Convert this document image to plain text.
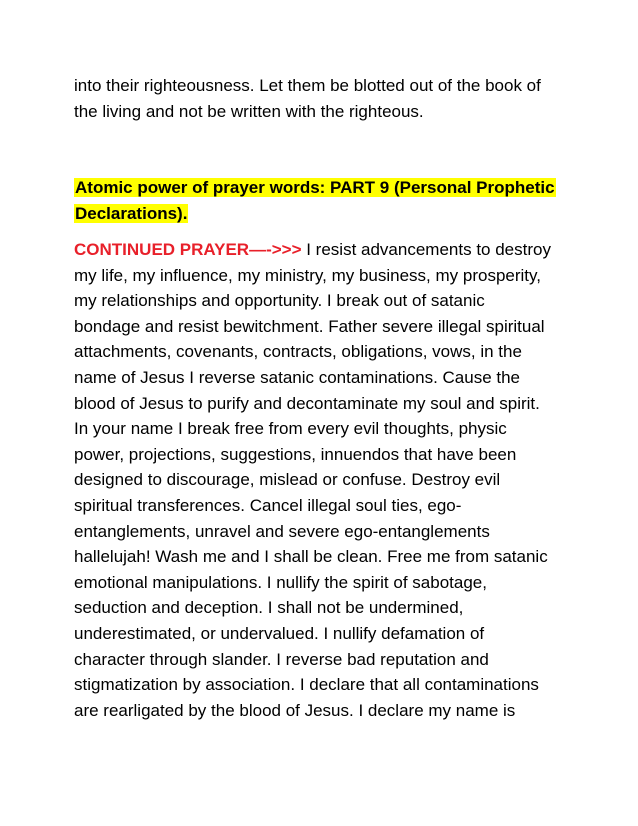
into their righteousness. Let them be blotted out of the book of
the living and not be written with the righteous.

Atomic power of prayer words: PART 9 (Personal Prophetic
Declarations).

CONTINUED PRAYER—->>> I resist advancements to destroy
my life, my influence, my ministry, my business, my prosperity,
my relationships and opportunity. I break out of satanic
bondage and resist bewitchment. Father severe illegal spiritual
attachments, covenants, contracts, obligations, vows, in the
name of Jesus I reverse satanic contaminations. Cause the
blood of Jesus to purify and decontaminate my soul and spirit.
In your name I break free from every evil thoughts, physic
power, projections, suggestions, innuendos that have been
designed to discourage, mislead or confuse. Destroy evil
spiritual transferences. Cancel illegal soul ties, ego-
entanglements, unravel and severe ego-entanglements
hallelujah! Wash me and I shall be clean. Free me from satanic
emotional manipulations. I nullify the spirit of sabotage,
seduction and deception. I shall not be undermined,
underestimated, or undervalued. I nullify defamation of
character through slander. I reverse bad reputation and
stigmatization by association. I declare that all contaminations
are rearligated by the blood of Jesus. I declare my name is
